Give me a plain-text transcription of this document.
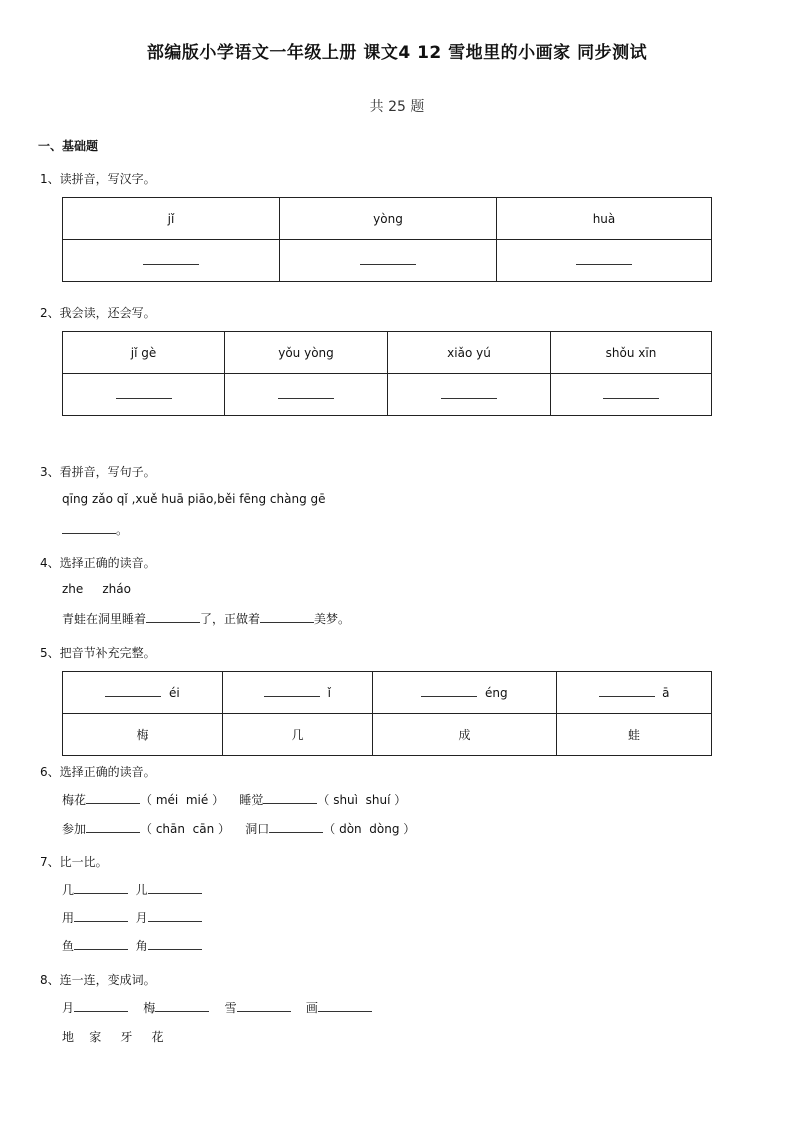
部编版小学语文一年级上册 课文4 12 雪地里的小画家 同步测试
共 25 题
一、基础题
1、读拼音，写汉字。
jǐ	yòng	huà

2、我会读，还会写。
jǐ gè	yǒu yòng	xiǎo yú	shǒu xīn

3、看拼音，写句子。
qīng zǎo qǐ ,xuě huā piāo,běi fēng chàng gē
。
4、选择正确的读音。
zhe zháo
青蛙在洞里睡着	了，正做着	美梦。
5、把音节补充完整。
éi	ǐ	éng	ā
梅	几	成	蛙
6、选择正确的读音。
梅花	（ méi  mié ） 睡觉	（ shuì  shuí ）
参加	（ chān  cān ） 洞口	（ dòn  dòng ）
7、比一比。
几	儿
用	月
鱼	角
8、连一连，变成词。
月	梅	雪	画
地 家 牙 花
